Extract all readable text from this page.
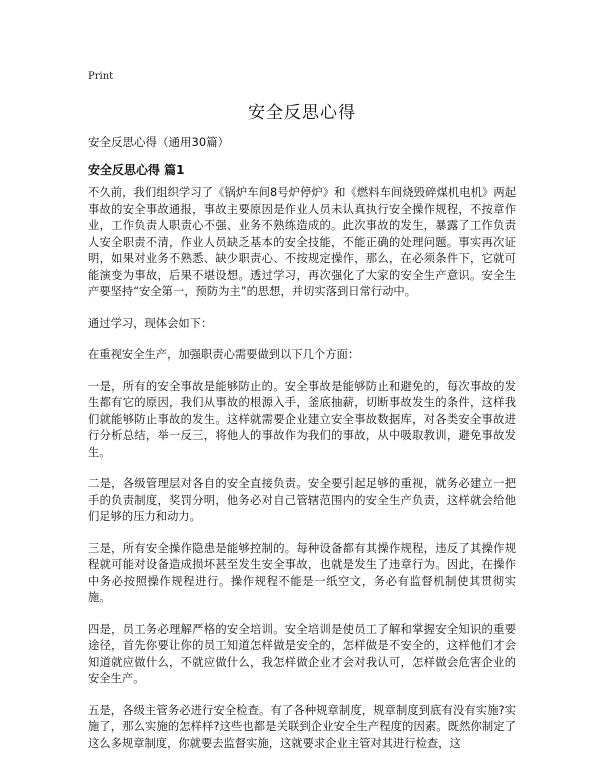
Print
安全反思心得
安全反思心得（通用30篇）
安全反思心得 篇1

不久前，我们组织学习了《锅炉车间8号炉停炉》和《燃料车间烧毁碎煤机电机》两起事故的安全事故通报，事故主要原因是作业人员未认真执行安全操作规程，不按章作业，工作负责人职责心不强、业务不熟练造成的。此次事故的发生，暴露了工作负责人安全职责不清，作业人员缺乏基本的安全技能，不能正确的处理问题。事实再次证明，如果对业务不熟悉、缺少职责心、不按规定操作，那么，在必须条件下，它就可能演变为事故，后果不堪设想。透过学习，再次强化了大家的安全生产意识。安全生产要坚持“安全第一，预防为主”的思想，并切实落到日常行动中。

通过学习，现体会如下：

在重视安全生产，加强职责心需要做到以下几个方面：

一是，所有的安全事故是能够防止的。安全事故是能够防止和避免的，每次事故的发生都有它的原因，我们从事故的根源入手，釜底抽薪，切断事故发生的条件，这样我们就能够防止事故的发生。这样就需要企业建立安全事故数据库，对各类安全事故进行分析总结，举一反三，将他人的事故作为我们的事故，从中吸取教训，避免事故发生。

二是，各级管理层对各自的安全直接负责。安全要引起足够的重视，就务必建立一把手的负责制度，奖罚分明，他务必对自己管辖范围内的安全生产负责，这样就会给他们足够的压力和动力。

三是，所有安全操作隐患是能够控制的。每种设备都有其操作规程，违反了其操作规程就可能对设备造成损坏甚至发生安全事故，也就是发生了违章行为。因此，在操作中务必按照操作规程进行。操作规程不能是一纸空文，务必有监督机制使其贯彻实施。

四是，员工务必理解严格的安全培训。安全培训是使员工了解和掌握安全知识的重要途径，首先你要让你的员工知道怎样做是安全的，怎样做是不安全的，这样他们才会知道就应做什么，不就应做什么，我怎样做企业才会对我认可，怎样做会危害企业的安全生产。

五是，各级主管务必进行安全检查。有了各种规章制度，规章制度到底有没有实施?实施了，那么实施的怎样样?这些也都是关联到企业安全生产程度的因素。既然你制定了这么多规章制度，你就要去监督实施，这就要求企业主管对其进行检查，这
